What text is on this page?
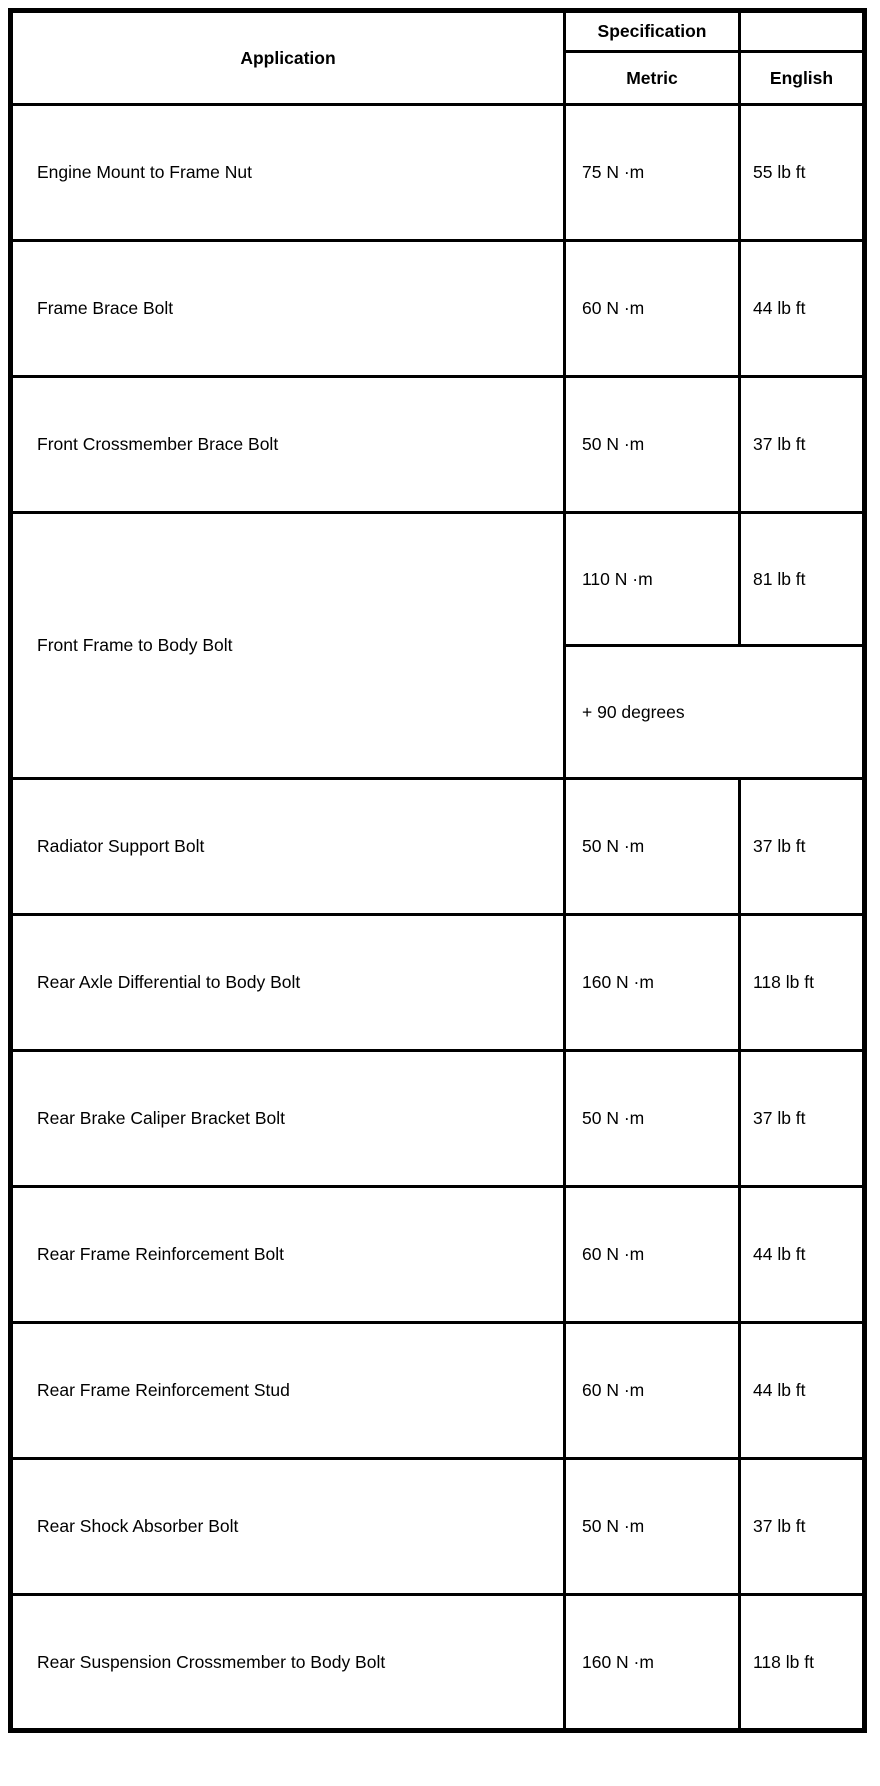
Application	Specification	
	Metric	English
Engine Mount to Frame Nut	75 N ·m	55 lb ft
Frame Brace Bolt	60 N ·m	44 lb ft
Front Crossmember Brace Bolt	50 N ·m	37 lb ft
Front Frame to Body Bolt	110 N ·m	81 lb ft
	+ 90 degrees	
Radiator Support Bolt	50 N ·m	37 lb ft
Rear Axle Differential to Body Bolt	160 N ·m	118 lb ft
Rear Brake Caliper Bracket Bolt	50 N ·m	37 lb ft
Rear Frame Reinforcement Bolt	60 N ·m	44 lb ft
Rear Frame Reinforcement Stud	60 N ·m	44 lb ft
Rear Shock Absorber Bolt	50 N ·m	37 lb ft
Rear Suspension Crossmember to Body Bolt	160 N ·m	118 lb ft
